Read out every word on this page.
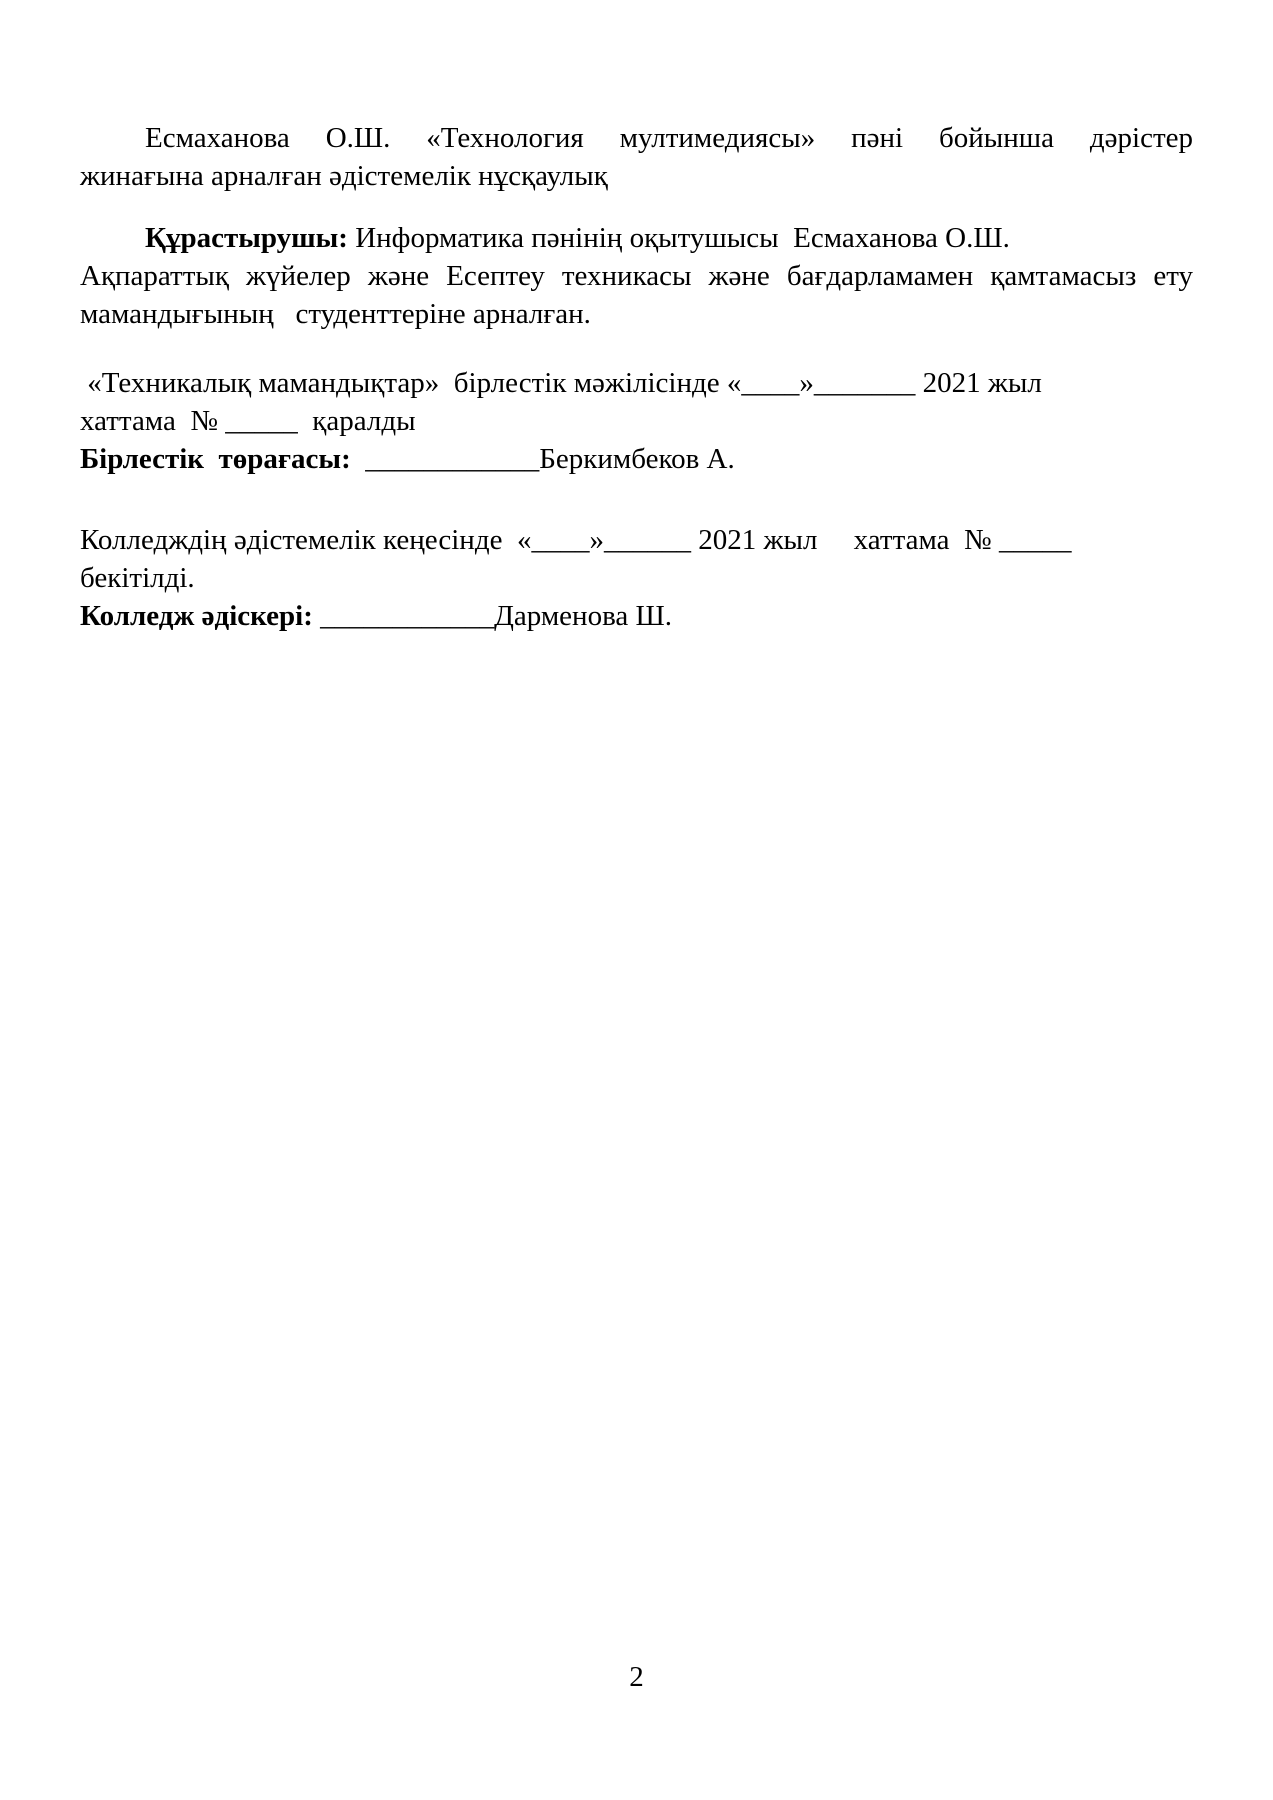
Есмаханова О.Ш. «Технология мултимедиясы» пәні бойынша дәрістер
жинағына арналған әдістемелік нұсқаулық
Құрастырушы: Информатика пәнінің оқытушысы  Есмаханова О.Ш.
Ақпараттық жүйелер және Есептеу техникасы және бағдарламамен қамтамасыз ету
мамандығының   студенттеріне арналған.
«Техникалық мамандықтар»  бірлестік мәжілісінде «____»_______ 2021 жыл
хаттама  № _____  қаралды
Бірлестік  төрағасы:  ____________Беркимбеков А.
Колледждің әдістемелік кеңесінде  «____»______ 2021 жыл     хаттама  № _____
бекітілді.
Колледж әдіскері: ____________Дарменова Ш.
2
